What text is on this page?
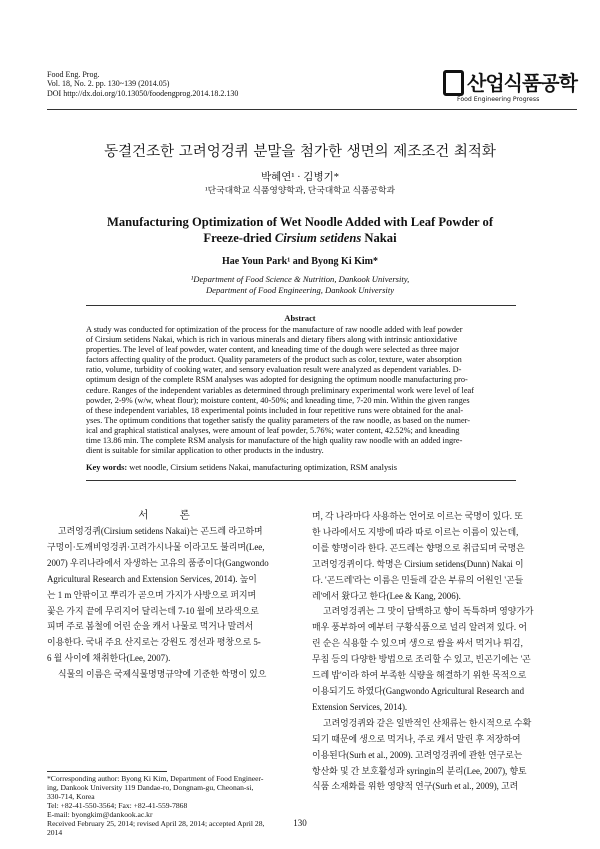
Food Eng. Prog.
Vol. 18, No. 2. pp. 130~139 (2014.05)
DOI http://dx.doi.org/10.13050/foodengprog.2014.18.2.130	산업식품공학
Food Engineering Progress
동결건조한 고려엉겅퀴 분말을 첨가한 생면의 제조조건 최적화
박혜연¹ · 김병기*
¹단국대학교 식품영양학과, 단국대학교 식품공학과
Manufacturing Optimization of Wet Noodle Added with Leaf Powder of
Freeze-dried Cirsium setidens Nakai
Hae Youn Park¹ and Byong Ki Kim*
¹Department of Food Science & Nutrition, Dankook University,
Department of Food Engineering, Dankook University
Abstract
A study was conducted for optimization of the process for the manufacture of raw noodle added with leaf powder
of Cirsium setidens Nakai, which is rich in various minerals and dietary fibers along with intrinsic antioxidative
properties. The level of leaf powder, water content, and kneading time of the dough were selected as three major
factors affecting quality of the product. Quality parameters of the product such as color, texture, water absorption
ratio, volume, turbidity of cooking water, and sensory evaluation result were analyzed as dependent variables. D-
optimum design of the complete RSM analyses was adopted for designing the optimum noodle manufacturing pro-
cedure. Ranges of the independent variables as determined through preliminary experimental work were level of leaf
powder, 2-9% (w/w, wheat flour); moisture content, 40-50%; and kneading time, 7-20 min. Within the given ranges
of these independent variables, 18 experimental points included in four repetitive runs were obtained for the anal-
yses. The optimum conditions that together satisfy the quality parameters of the raw noodle, as based on the numer-
ical and graphical statistical analyses, were amount of leaf powder, 5.76%; water content, 42.52%; and kneading
time 13.86 min. The complete RSM analysis for manufacture of the high quality raw noodle with an added ingre-
dient is suitable for similar application to other products in the industry.
Key words: wet noodle, Cirsium setidens Nakai, manufacturing optimization, RSM analysis
서 론
고려엉겅퀴(Cirsium setidens Nakai)는 곤드레 라고하며
구멍이·도깨비엉겅퀴·고려가시나물 이라고도 불리며(Lee,
2007) 우리나라에서 자생하는 고유의 품종이다(Gangwondo
Agricultural Research and Extension Services, 2014). 높이
는 1 m 안팎이고 뿌리가 곧으며 가지가 사방으로 퍼지며
꽃은 가지 끝에 무리지어 달리는데 7-10 월에 보라색으로
피며 주로 봄철에 어린 순을 캐서 나물로 먹거나 말려서
이용한다. 국내 주요 산지로는 강원도 정선과 평창으로 5-
6 월 사이에 채취한다(Lee, 2007).
식물의 이름은 국제식물명명규약에 기준한 학명이 있으
며, 각 나라마다 사용하는 언어로 이르는 국명이 있다. 또
한 나라에서도 지방에 따라 따로 이르는 이름이 있는데,
이를 향명이라 한다. 곤드레는 향명으로 취급되며 국명은
고려엉겅퀴이다. 학명은 Cirsium setidens(Dunn) Nakai 이
다. '곤드레'라는 이름은 민들레 같은 부류의 어원인 '곤들
레'에서 왔다고 한다(Lee & Kang, 2006).
고려엉겅퀴는 그 맛이 담백하고 향이 독특하며 영양가가
매우 풍부하여 예부터 구황식품으로 널리 알려져 있다. 어
린 순은 식용할 수 있으며 생으로 쌈을 싸서 먹거나 튀김,
무침 등의 다양한 방법으로 조리할 수 있고, 빈곤기에는 '곤
드레 밥'이라 하여 부족한 식량을 해결하기 위한 목적으로
이용되기도 하였다(Gangwondo Agricultural Research and
Extension Services, 2014).
고려엉겅퀴와 같은 일반적인 산채류는 한시적으로 수확
되기 때문에 생으로 먹거나, 주로 캐서 말린 후 저장하여
이용된다(Surh et al., 2009). 고려엉겅퀴에 관한 연구로는
항산화 및 간 보호활성과 syringin의 분리(Lee, 2007), 향토
식품 소재화를 위한 영양적 연구(Surh et al., 2009), 고려
*Corresponding author: Byong Ki Kim, Department of Food Engineer-
ing, Dankook University 119 Dandae-ro, Dongnam-gu, Cheonan-si,
330-714, Korea
Tel: +82-41-550-3564; Fax: +82-41-559-7868
E-mail: byongkim@dankook.ac.kr
Received February 25, 2014; revised April 28, 2014; accepted April 28,
2014
130
